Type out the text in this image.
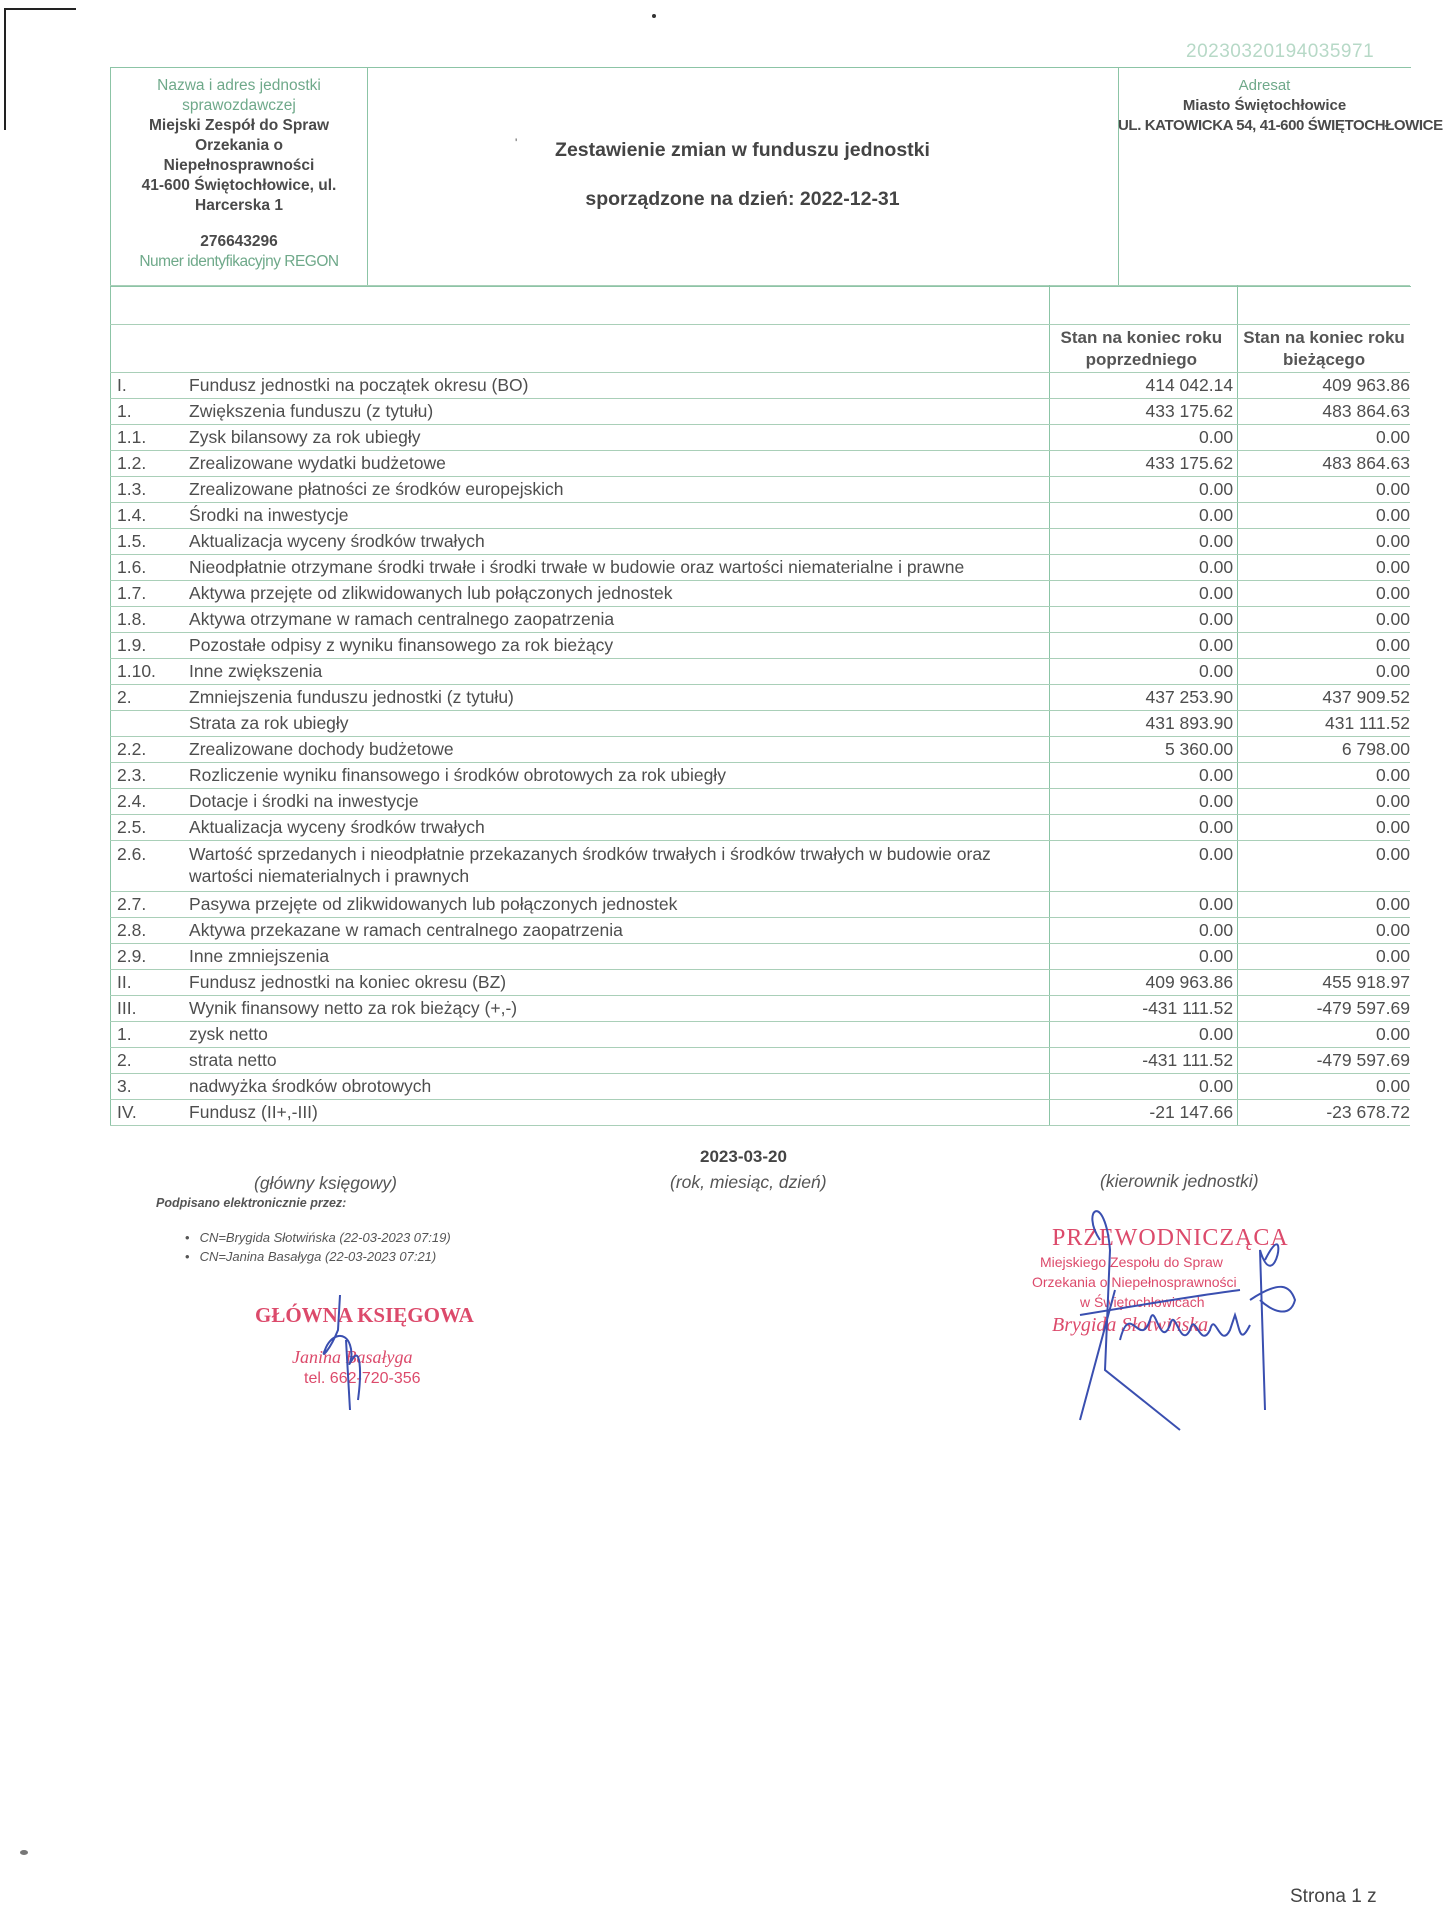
20230320194035971
Nazwa i adres jednostki sprawozdawczej
Miejski Zespół do Spraw
Orzekania o
Niepełnosprawności
41-600 Świętochłowice, ul.
Harcerska 1
276643296
Numer identyfikacyjny REGON
'	Zestawienie zmian w funduszu jednostki
sporządzone na dzień: 2022-12-31
Adresat
Miasto Świętochłowice
UL. KATOWICKA 54, 41-600 ŚWIĘTOCHŁOWICE

		Stan na koniec roku poprzedniego	Stan na koniec roku bieżącego
I.	Fundusz jednostki na początek okresu (BO)	414 042.14	409 963.86
1.	Zwiększenia funduszu (z tytułu)	433 175.62	483 864.63
1.1.	Zysk bilansowy za rok ubiegły	0.00	0.00
1.2.	Zrealizowane wydatki budżetowe	433 175.62	483 864.63
1.3.	Zrealizowane płatności ze środków europejskich	0.00	0.00
1.4.	Środki na inwestycje	0.00	0.00
1.5.	Aktualizacja wyceny środków trwałych	0.00	0.00
1.6.	Nieodpłatnie otrzymane środki trwałe i środki trwałe w budowie oraz wartości niematerialne i prawne	0.00	0.00
1.7.	Aktywa przejęte od zlikwidowanych lub połączonych jednostek	0.00	0.00
1.8.	Aktywa otrzymane w ramach centralnego zaopatrzenia	0.00	0.00
1.9.	Pozostałe odpisy z wyniku finansowego za rok bieżący	0.00	0.00
1.10.	Inne zwiększenia	0.00	0.00
2.	Zmniejszenia funduszu jednostki (z tytułu)	437 253.90	437 909.52
	Strata za rok ubiegły	431 893.90	431 111.52
2.2.	Zrealizowane dochody budżetowe	5 360.00	6 798.00
2.3.	Rozliczenie wyniku finansowego i środków obrotowych za rok ubiegły	0.00	0.00
2.4.	Dotacje i środki na inwestycje	0.00	0.00
2.5.	Aktualizacja wyceny środków trwałych	0.00	0.00
2.6.	Wartość sprzedanych i nieodpłatnie przekazanych środków trwałych i środków trwałych w budowie oraz wartości niematerialnych i prawnych	0.00	0.00
2.7.	Pasywa przejęte od zlikwidowanych lub połączonych jednostek	0.00	0.00
2.8.	Aktywa przekazane w ramach centralnego zaopatrzenia	0.00	0.00
2.9.	Inne zmniejszenia	0.00	0.00
II.	Fundusz jednostki na koniec okresu (BZ)	409 963.86	455 918.97
III.	Wynik finansowy netto za rok bieżący (+,-)	-431 111.52	-479 597.69
1.	zysk netto	0.00	0.00
2.	strata netto	-431 111.52	-479 597.69
3.	nadwyżka środków obrotowych	0.00	0.00
IV.	Fundusz (II+,-III)	-21 147.66	-23 678.72
2023-03-20
(rok, miesiąc, dzień)
(główny księgowy)	(kierownik jednostki)
Podpisano elektronicznie przez:
• CN=Brygida Słotwińska (22-03-2023 07:19)
• CN=Janina Basałyga (22-03-2023 07:21)
GŁÓWNA KSIĘGOWA
Janina Basałyga
tel. 662-720-356
PRZEWODNICZĄCA
Miejskiego Zespołu do Spraw
Orzekania o Niepełnosprawności
w Świętochłowicach
Brygida Słotwińska
Strona 1 z
